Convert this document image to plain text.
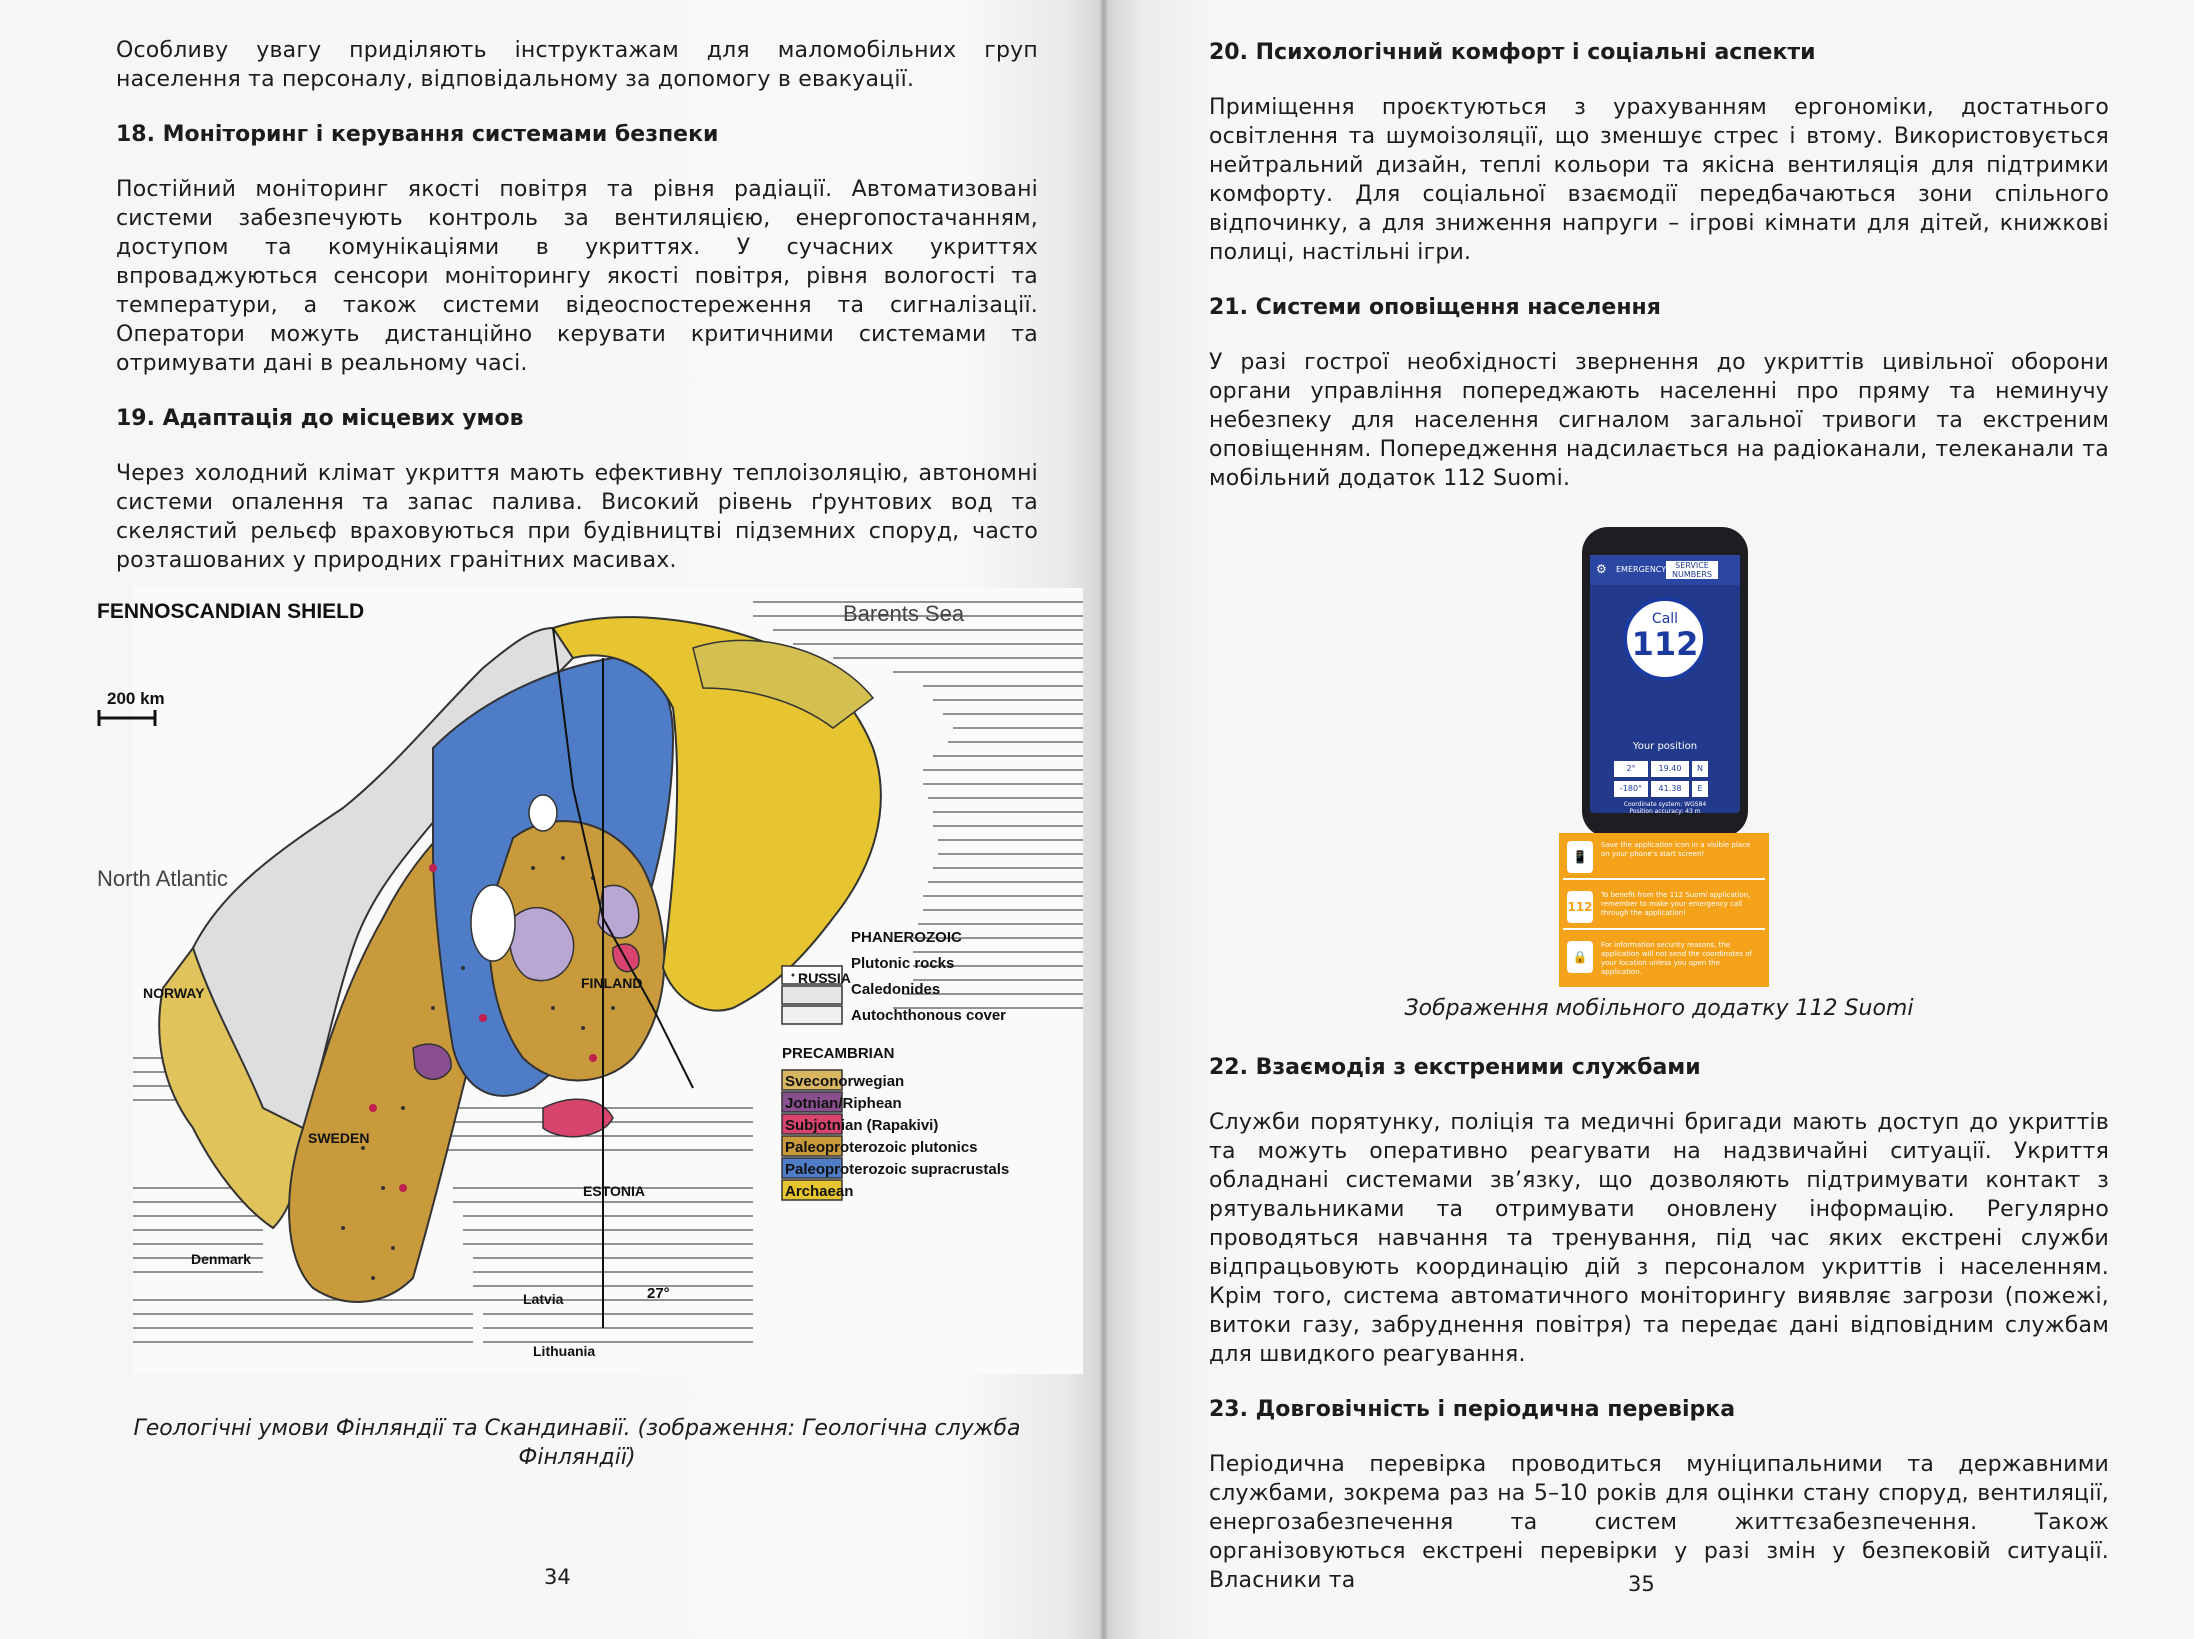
Особливу увагу приділяють інструктажам для маломобільних груп населення та персоналу, відповідальному за допомогу в евакуації.

18. Моніторинг і керування системами безпеки

Постійний моніторинг якості повітря та рівня радіації. Автоматизовані системи забезпечують контроль за вентиляцією, енергопостачанням, доступом та комунікаціями в укриттях. У сучасних укриттях впроваджуються сенсори моніторингу якості повітря, рівня вологості та температури, а також системи відеоспостереження та сигналізації. Оператори можуть дистанційно керувати критичними системами та отримувати дані в реальному часі.

19. Адаптація до місцевих умов

Через холодний клімат укриття мають ефективну теплоізоляцію, автономні системи опалення та запас палива. Високий рівень ґрунтових вод та скелястий рельєф враховуються при будівництві підземних споруд, часто розташованих у природних гранітних масивах.

FENNOSCANDIAN SHIELD
200 km
NORWAY
SWEDEN
FINLAND	RUSSIA
ESTONIA
Latvia
Lithuania
Denmark
27°
PHANEROZOIC
Plutonic rocks
Caledonides
Autochthonous cover
PRECAMBRIAN
Sveconorwegian
Jotnian/Riphean
Subjotnian (Rapakivi)
Paleoproterozoic plutonics
Paleoproterozoic supracrustals
Archaean
Barents Sea
North Atlantic
Геологічні умови Фінляндії та Скандинавії. (зображення: Геологічна служба Фінляндії)
34
20. Психологічний комфорт і соціальні аспекти

Приміщення проєктуються з урахуванням ергономіки, достатнього освітлення та шумоізоляції, що зменшує стрес і втому. Використовується нейтральний дизайн, теплі кольори та якісна вентиляція для підтримки комфорту. Для соціальної взаємодії передбачаються зони спільного відпочинку, а для зниження напруги – ігрові кімнати для дітей, книжкові полиці, настільні ігри.

21. Системи оповіщення населення

У разі гострої необхідності звернення до укриттів цивільної оборони органи управління попереджають населенні про пряму та неминучу небезпеку для населення сигналом загальної тривоги та екстреним оповіщенням. Попередження надсилається на радіоканали, телеканали та мобільний додаток 112 Suomi.

⚙ EMERGENCY	SERVICE NUMBERS
Call
112
Your position
2°	19.40	N
-180°	41.38	E
Coordinate system: WGS84
Position accuracy: 43 m
📱
Save the application icon in a visible place on your phone's start screen!
112
To benefit from the 112 Suomi application, remember to make your emergency call through the application!
🔒
For information security reasons, the application will not send the coordinates of your location unless you open the application.
Зображення мобільного додатку 112 Suomi
22. Взаємодія з екстреними службами

Служби порятунку, поліція та медичні бригади мають доступ до укриттів та можуть оперативно реагувати на надзвичайні ситуації. Укриття обладнані системами зв’язку, що дозволяють підтримувати контакт з рятувальниками та отримувати оновлену інформацію. Регулярно проводяться навчання та тренування, під час яких екстрені служби відпрацьовують координацію дій з персоналом укриттів і населенням. Крім того, система автоматичного моніторингу виявляє загрози (пожежі, витоки газу, забруднення повітря) та передає дані відповідним службам для швидкого реагування.

23. Довговічність і періодична перевірка

Періодична перевірка проводиться муніципальними та державними службами, зокрема раз на 5–10 років для оцінки стану споруд, вентиляції, енергозабезпечення та систем життєзабезпечення. Також організовуються екстрені перевірки у разі змін у безпековій ситуації. Власники та	35
